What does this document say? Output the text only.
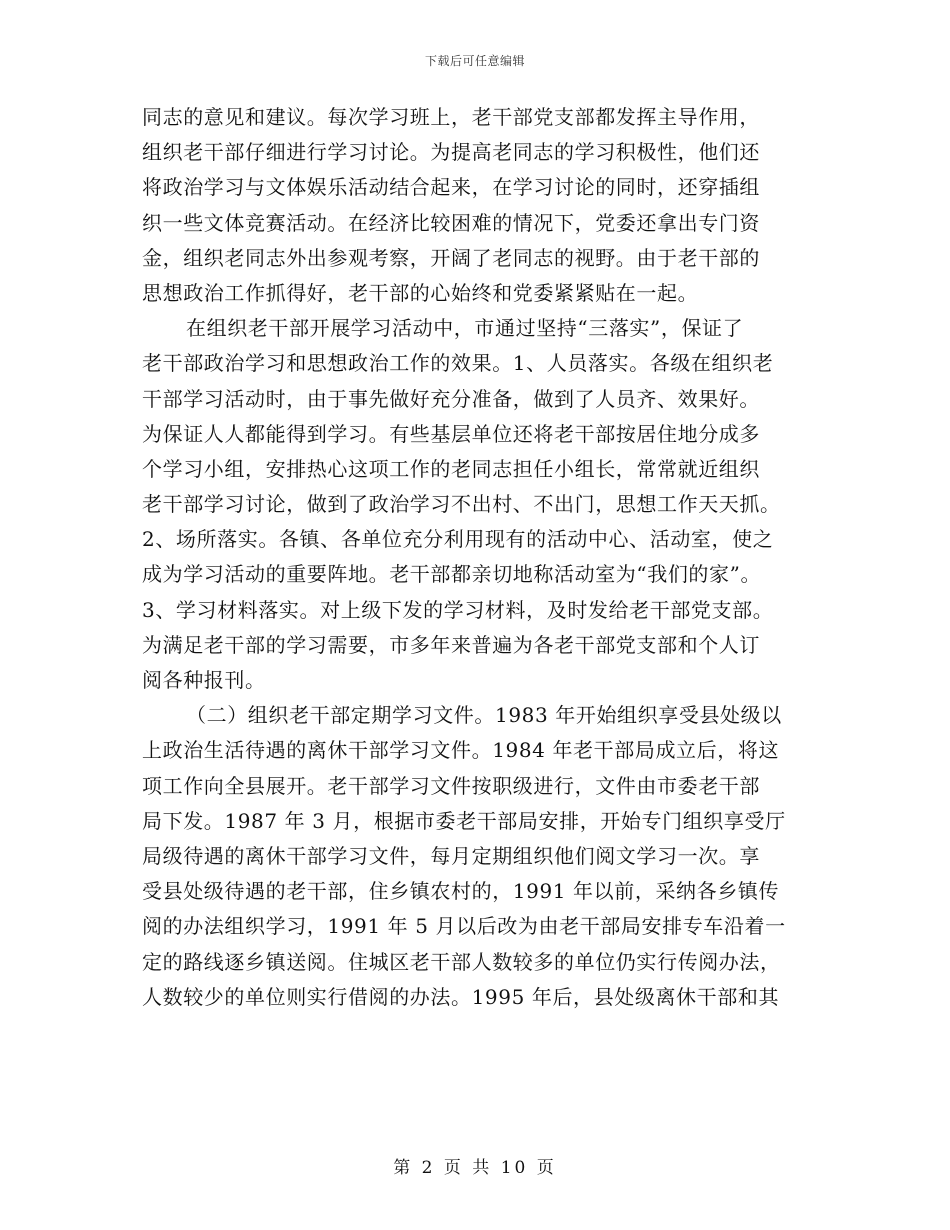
下载后可任意编辑
同志的意见和建议。每次学习班上，老干部党支部都发挥主导作用，
组织老干部仔细进行学习讨论。为提高老同志的学习积极性，他们还
将政治学习与文体娱乐活动结合起来，在学习讨论的同时，还穿插组
织一些文体竞赛活动。在经济比较困难的情况下，党委还拿出专门资
金，组织老同志外出参观考察，开阔了老同志的视野。由于老干部的
思想政治工作抓得好，老干部的心始终和党委紧紧贴在一起。
在组织老干部开展学习活动中，市通过坚持“三落实”，保证了
老干部政治学习和思想政治工作的效果。1、人员落实。各级在组织老
干部学习活动时，由于事先做好充分准备，做到了人员齐、效果好。
为保证人人都能得到学习。有些基层单位还将老干部按居住地分成多
个学习小组，安排热心这项工作的老同志担任小组长，常常就近组织
老干部学习讨论，做到了政治学习不出村、不出门，思想工作天天抓。
2、场所落实。各镇、各单位充分利用现有的活动中心、活动室，使之
成为学习活动的重要阵地。老干部都亲切地称活动室为“我们的家”。
3、学习材料落实。对上级下发的学习材料，及时发给老干部党支部。
为满足老干部的学习需要，市多年来普遍为各老干部党支部和个人订
阅各种报刊。
（二）组织老干部定期学习文件。1983 年开始组织享受县处级以
上政治生活待遇的离休干部学习文件。1984 年老干部局成立后，将这
项工作向全县展开。老干部学习文件按职级进行，文件由市委老干部
局下发。1987 年 3 月，根据市委老干部局安排，开始专门组织享受厅
局级待遇的离休干部学习文件，每月定期组织他们阅文学习一次。享
受县处级待遇的老干部，住乡镇农村的，1991 年以前，采纳各乡镇传
阅的办法组织学习，1991 年 5 月以后改为由老干部局安排专车沿着一
定的路线逐乡镇送阅。住城区老干部人数较多的单位仍实行传阅办法，
人数较少的单位则实行借阅的办法。1995 年后，县处级离休干部和其
第 2 页 共 10 页
